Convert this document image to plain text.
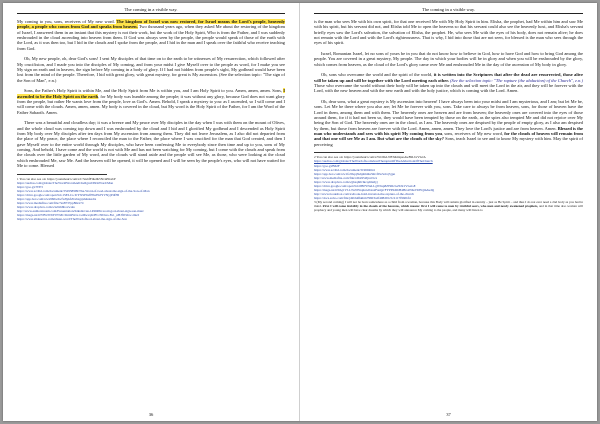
The coming in a visible way.

My coming to you, sons, receivers of My new word. The kingdom of Israel was now restored, for Israel means the Lord's people, heavenly people, a people who comes from God and speaks from heaven. Two thousand years ago, when they asked Me about the restoring of the kingdom of Israel, I answered them in an instant that this mystery is not their work, but the work of the Holy Spirit, Who is from the Father, and I was suddenly enshrouded in the cloud ascending into heaven from them. If God was always seen by the people, the people would speak of those of the earth with the Lord, as it was then too, but I hid in the clouds and I spoke from the people, and I hid in the man and I speak over the faithful who receive teaching from God.

Oh, My new people, oh, dear God's sons! I sent My disciples of that time on to the earth to be witnesses of My resurrection, which followed after My crucifixion, and I made you into the disciples of My coming, and from your midst I give Myself over to the people as word, for I make you see My sign on earth and in heaven, the sign before My coming in a body of glory. If I had not hidden from people's sight, My godhead would have been lost from the mind of the people. Therefore, I hid with great glory, with great mystery, for great is My ascension. (See the selection topic: "The sign of the Son of Man", e.n.)

Sons, the Father's Holy Spirit is within Me, and the Holy Spirit from Me is within you, and I am Holy Spirit to you. Amen, amen, amen. Sons, I ascended to be the Holy Spirit on the earth, for My body was humble among the people; it was without any glory, because God does not want glory from the people, but rather He wants love from the people, love as God's. Amen. Behold, I speak a mystery to you: as I ascended, so I will come and I will come with the clouds. Amen, amen, amen. My body is covered in the cloud, but My word is the Holy Spirit of the Father, for I am the Word of the Father Sabaoth. Amen.

There was a beautiful and cloudless day; it was a breeze and My peace over My disciples in the day when I was with them on the mount of Olives, and the whole cloud was coming top down and I was enshrouded by the cloud and I hid and I glorified My godhead and I descended as Holy Spirit from My body over My disciples after ten days from My ascension from among them. They did not leave Jerusalem, as I also did not departed from the place of My peace, the place where I reconciled the man to the Father, the place where I was crucified for the man that God created, and then I gave Myself over to the entire world through My disciples, who have been confessing Me to everybody since then time and up to you, sons of My coming. And behold, I have come and the world is not with Me and has not been watching for My coming, but I come with the clouds and speak from the clouds over the little garden of My word, and the clouds will stand aside and the people will see Me, as those, who were looking at the cloud which enshrouded Me, saw Me. And the heaven will be opened, it will be opened and I will be seen by the people's eyes, who will not have waited for Me to come. Blessed

1 You can also see on: https://youtubeurl.com/s/C7zubfFdkdK5NvnEKsbP
https://audios.com/globale/ThoWorldWordAndChellgrubTRlzWord/Man
https://goo.gl/JVE3
https://www.scribd.com/document/352958999/The-Word-of-God-about-the-sign-of-the-Son-of-Man
https://drive.google.com/open?id=1SELCs-TrYXSPhvfP8wEhJYVNyjPdfHI
https://app.box.com/s/wz960wdwfw8ykf2bxbzgqxh4nkadrs
https://www.mediafire.com/file/7sn8737pp86zx7d
https://www.dropbox.com/s/xzbth6bovwulo
http://www.authorstream.com/Presentation/Kiksilovan-1490484-word-god-about-sign-son-man/
https://mega.nz/#!VBUW6Y0?!MJ-Shtn9Wsv-Gr0iwvqKIFCcNDws-Fu1_nHJfWxbw-OkcI
https://www.slideserve.com/ehsan-word/TheWordofGod-about-the-sign-of-the-Son
36
The coming in a visible way.

is the man who sees Me with his own spirit, for that one received Me with My Holy Spirit in him. Elisha, the prophet, had Me within him and saw Me with his spirit, but his servant did not, and Elisha told Me to open the heavens so that his servant could also see the heavenly host, and Elisha's servant briefly eyes saw the Lord's salvation, the salvation of Elisha, the prophet. He, who sees Me with the eyes of his body, does not remain alive; he does not remain with the Lord and with the Lord's righteousness. That is why, I hid into those that are not seen, for blessed is the man who sees through the eyes of his spirit.

Israel, Romanian Israel, let no sons of yours be in you that do not know how to believe in God, how to have God and how to bring God among the people. You are covered in a great mystery, My people. The day in which your bodies will be in glory and when you will be enshrouded by the glory, which comes from heaven, as the cloud of the Lord's glory came over Me and enshrouded Me in the day of the ascension of My body in glory.

Oh, sons who overcame the world and the spirit of the world, it is written into the Scriptures that after the dead are resurrected, those alive will be taken up and will be together with the Lord meeting each other. (See the selection topic: "The rapture (the abduction) of the Church", e.n.) Those who overcame the world without their body will be taken up into the clouds and will meet the Lord in the air, and they will be forever with the Lord, with the new heaven and with the new earth and with the holy justice, which is coming with the Lord. Amen.

Oh, dear sons, what a great mystery is My ascension into heaven! I have always been into your midst and I am mysterious, and I am; but let Me be, sons. Let Me be there where you also are; let Me be forever with you, sons. Take care to always be from heaven, sons, for those of heaven have the Lord in them, among them and with them. The heavenly ones are heaven and are from heaven; the heavenly ones are covered into the eyes of those around them, for if it had not been so, they would have been tempted by those on the earth, as the spies also tempted Me and did not rejoice over My being the Son of God. The heavenly ones are in the cloud, as I am. The heavenly ones are despised by the people of empty glory, as I also am despised by them, but those from heaven are forever with the Lord. Amen, amen, amen. They love the Lord's justice and are from heaven. Amen. Blessed is the man who understands and sees with his spirit My coming from you, sons, receivers of My new word, for the clouds of heaven will remain from and that one will see Me as I am. But what are the clouds of the sky? Sons, teach Israel to see and to know My mystery with him. May the spirit of perceiving

2 You can also see on: https://youtubeurl.com/s/WOIGLNE5&ldquoAw89LbvVGJA
https://audios.com/globale/TheWordofGodAboutTherapturOfTheAbductionOfTheChurch
https://goo.gl/B62F
https://www.scribd.com/document/319604641
https://app.box.com/s/w1fo9bqq5khj4ml4u5ht1f0w5obq7gpn
http://www.mediafire.com/file/vdbz952ljnvrbcz
https://www.dropbox.com/s/ghsqh6vlkcqdmtdyj
https://drive.google.com/open?id=0B0YNeLLgWbsp8ZHdlcGZUR1VGsGE
https://mega.nz/#!0Aj1VJ-LTwNNrqhsGJbzsxFsnQrrFYPPKDbH4Hrs2NhsVIJEQmAw0g
http://www.booksbox.com/s/ebook-hold-invasion-the-rapture-of-the-church
https://docs.zoho.com/file/ja9bb4fhkbm79603a2f408db5c5c2117f9b0bfd
3 (My second coming) I will not be born somewhere as a child from a woman, because this Body will remain glorified in eternity – just as He Spirit – and thus I do not ever need a 2nd body as you had in mind. First I will come invisibly in the clouds of the heavens, which means: first I will come to men by truthful seers, who men and newly awakened prophets, and in that time also woman will prophecy and young men will have clear dreams by which they will announce My coming to the people, and many will listen to
37
